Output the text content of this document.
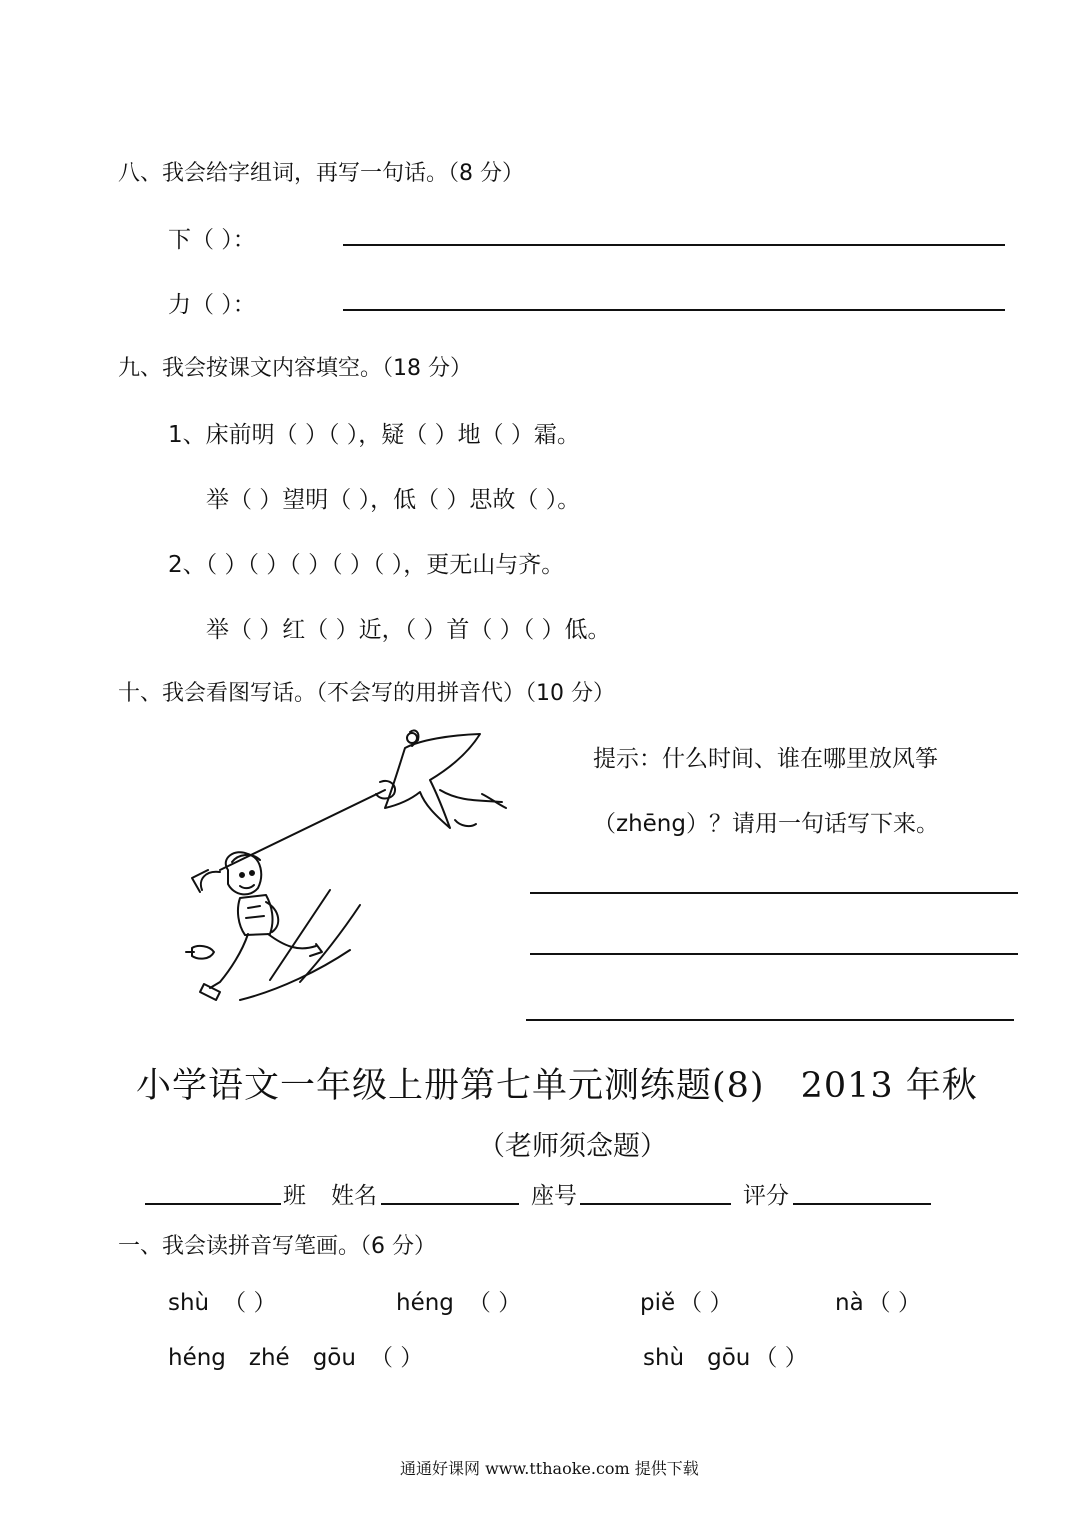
八、我会给字组词，再写一句话。（8 分）
下（ ）：
力（ ）：
九、我会按课文内容填空。（18 分）
1、床前明（ ）（ ），疑（ ）地（ ）霜。
举（ ）望明（ ），低（ ）思故（ ）。
2、（ ）（ ）（ ）（ ）（ ），更无山与齐。
举（ ）红（ ）近，（ ）首（ ）（ ）低。
十、我会看图写话。（不会写的用拼音代）（10 分）
提示：什么时间、谁在哪里放风筝
（zhēng）？请用一句话写下来。
小学语文一年级上册第七单元测练题(8)　2013 年秋
（老师须念题）
班 姓名	座号	评分
一、我会读拼音写笔画。（6 分）
shù （ ）	héng （ ）	piě （ ）	nà （ ）
héng　zhé　gōu （ ）	shù　gōu （ ）
通通好课网 www.tthaoke.com 提供下载
